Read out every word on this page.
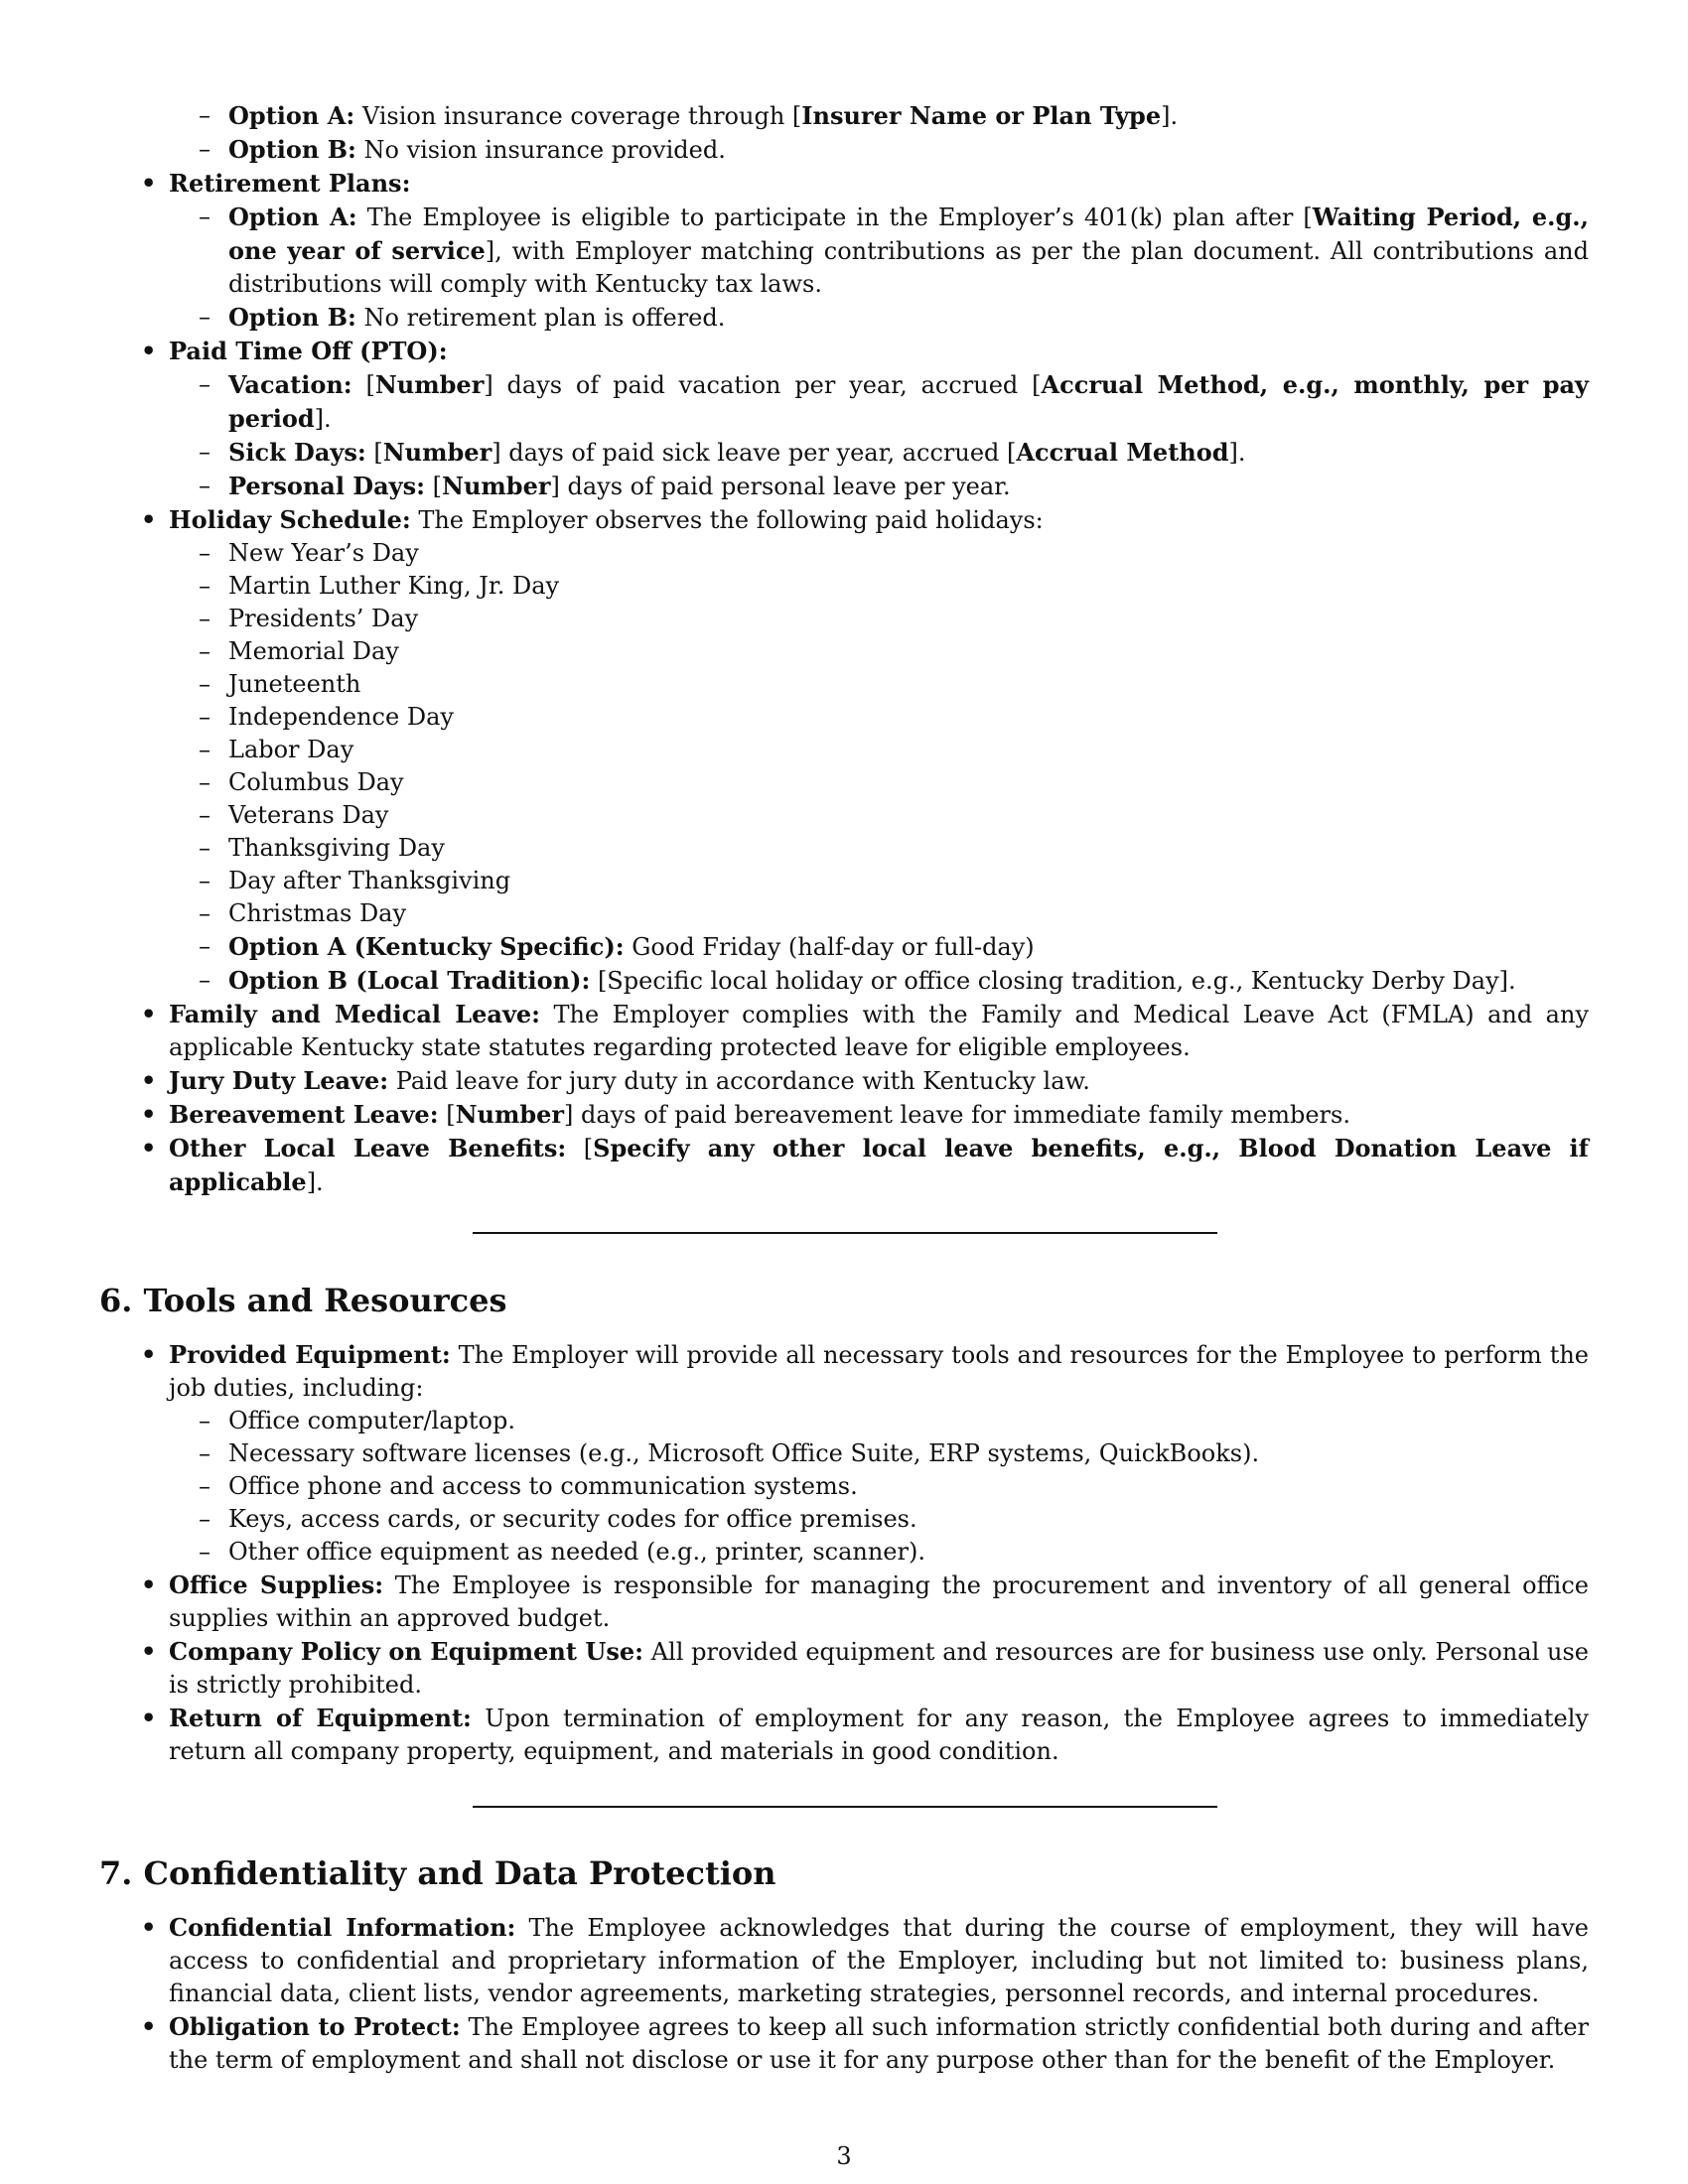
– Option A: Vision insurance coverage through [Insurer Name or Plan Type].
– Option B: No vision insurance provided.
• Retirement Plans:
– Option A: The Employee is eligible to participate in the Employer’s 401(k) plan after [Waiting Period, e.g., one year of service], with Employer matching contributions as per the plan document. All contributions and distributions will comply with Kentucky tax laws.
– Option B: No retirement plan is offered.
• Paid Time Off (PTO):
– Vacation: [Number] days of paid vacation per year, accrued [Accrual Method, e.g., monthly, per pay period].
– Sick Days: [Number] days of paid sick leave per year, accrued [Accrual Method].
– Personal Days: [Number] days of paid personal leave per year.
• Holiday Schedule: The Employer observes the following paid holidays:
– New Year’s Day
– Martin Luther King, Jr. Day
– Presidents’ Day
– Memorial Day
– Juneteenth
– Independence Day
– Labor Day
– Columbus Day
– Veterans Day
– Thanksgiving Day
– Day after Thanksgiving
– Christmas Day
– Option A (Kentucky Specific): Good Friday (half-day or full-day)
– Option B (Local Tradition): [Specific local holiday or office closing tradition, e.g., Kentucky Derby Day].
• Family and Medical Leave: The Employer complies with the Family and Medical Leave Act (FMLA) and any applicable Kentucky state statutes regarding protected leave for eligible employees.
• Jury Duty Leave: Paid leave for jury duty in accordance with Kentucky law.
• Bereavement Leave: [Number] days of paid bereavement leave for immediate family members.
• Other Local Leave Benefits: [Specify any other local leave benefits, e.g., Blood Donation Leave if applicable].
6. Tools and Resources
• Provided Equipment: The Employer will provide all necessary tools and resources for the Employee to perform the job duties, including:
– Office computer/laptop.
– Necessary software licenses (e.g., Microsoft Office Suite, ERP systems, QuickBooks).
– Office phone and access to communication systems.
– Keys, access cards, or security codes for office premises.
– Other office equipment as needed (e.g., printer, scanner).
• Office Supplies: The Employee is responsible for managing the procurement and inventory of all general office supplies within an approved budget.
• Company Policy on Equipment Use: All provided equipment and resources are for business use only. Personal use is strictly prohibited.
• Return of Equipment: Upon termination of employment for any reason, the Employee agrees to immediately return all company property, equipment, and materials in good condition.
7. Confidentiality and Data Protection
• Confidential Information: The Employee acknowledges that during the course of employment, they will have access to confidential and proprietary information of the Employer, including but not limited to: business plans, financial data, client lists, vendor agreements, marketing strategies, personnel records, and internal procedures.
• Obligation to Protect: The Employee agrees to keep all such information strictly confidential both during and after the term of employment and shall not disclose or use it for any purpose other than for the benefit of the Employer.
3
